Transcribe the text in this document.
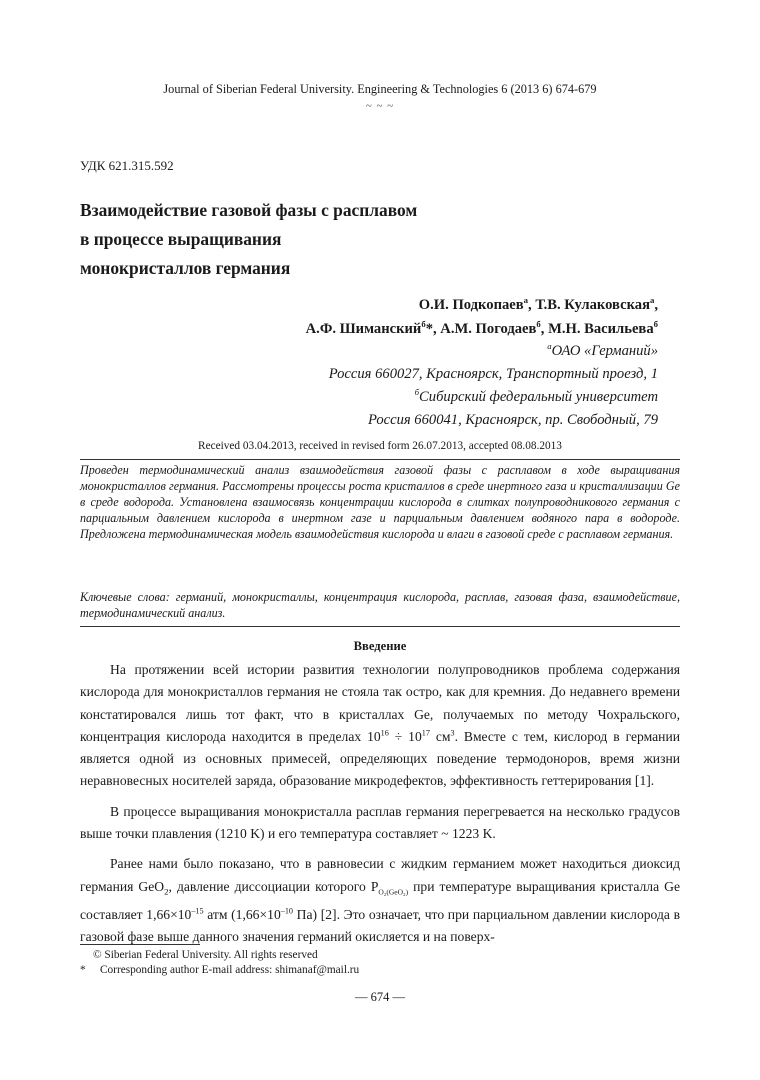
Journal of Siberian Federal University. Engineering & Technologies 6 (2013 6) 674-679
~ ~ ~
УДК 621.315.592
Взаимодействие газовой фазы с расплавом
в процессе выращивания
монокристаллов германия
О.И. Подкопаев$^а$, Т.В. Кулаковская$^а$,
А.Ф. Шиманский$^б$*, А.М. Погодаев$^б$, М.Н. Васильева$^б$
$^а$ОАО «Германий»
Россия 660027, Красноярск, Транспортный проезд, 1
$^б$Сибирский федеральный университет
Россия 660041, Красноярск, пр. Свободный, 79
Received 03.04.2013, received in revised form 26.07.2013, accepted 08.08.2013
Проведен термодинамический анализ взаимодействия газовой фазы с расплавом в ходе выращивания монокристаллов германия. Рассмотрены процессы роста кристаллов в среде инертного газа и кристаллизации Ge в среде водорода. Установлена взаимосвязь концентрации кислорода в слитках полупроводникового германия с парциальным давлением кислорода в инертном газе и парциальным давлением водяного пара в водороде. Предложена термодинамическая модель взаимодействия кислорода и влаги в газовой среде с расплавом германия.
Ключевые слова: германий, монокристаллы, концентрация кислорода, расплав, газовая фаза, взаимодействие, термодинамический анализ.
Введение

На протяжении всей истории развития технологии полупроводников проблема содержания кислорода для монокристаллов германия не стояла так остро, как для кремния. До недавнего времени констатировался лишь тот факт, что в кристаллах Ge, получаемых по методу Чохральского, концентрация кислорода находится в пределах $10^{16} \div 10^{17}$ $см^3$. Вместе с тем, кислород в германии является одной из основных примесей, определяющих поведение термодоноров, время жизни неравновесных носителей заряда, образование микродефектов, эффективность геттерирования [1].

В процессе выращивания монокристалла расплав германия перегревается на несколько градусов выше точки плавления (1210 K) и его температура составляет ~ 1223 K.

Ранее нами было показано, что в равновесии с жидким германием может находиться диоксид германия GeO$_2$, давление диссоциации которого $P_{O_2(GeO_2)}$ при температуре выращивания кристалла Ge составляет $1,66\times 10^{-15}$ атм ($1,66\times 10^{-10}$ Па) [2]. Это означает, что при парциальном давлении кислорода в газовой фазе выше данного значения германий окисляется и на поверх-

© Siberian Federal University. All rights reserved
* Corresponding author E-mail address: shimanaf@mail.ru
— 674 —
